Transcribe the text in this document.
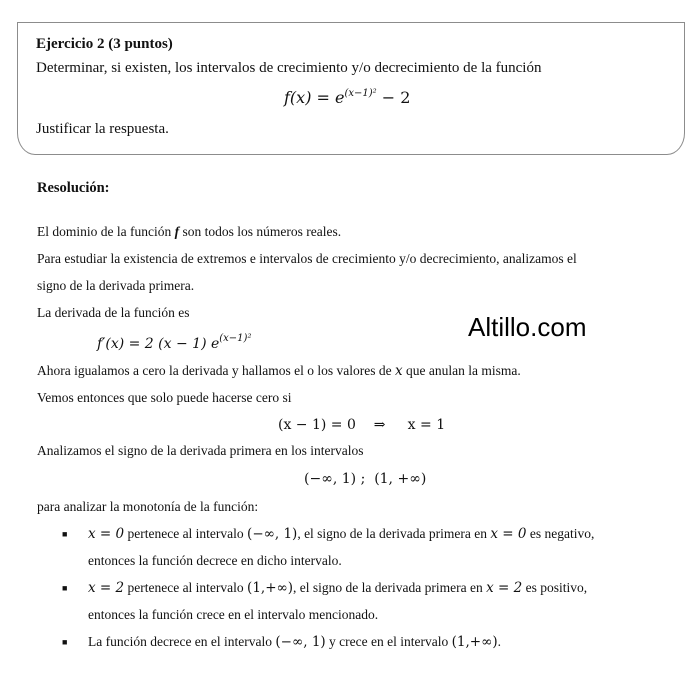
Ejercicio 2 (3 puntos)
Determinar, si existen, los intervalos de crecimiento y/o decrecimiento de la función
$f(x) = e^{(x-1)^2} - 2$
Justificar la respuesta.
Resolución:
El dominio de la función f son todos los números reales.
Para estudiar la existencia de extremos e intervalos de crecimiento y/o decrecimiento, analizamos el
signo de la derivada primera.
La derivada de la función es
f′(x) = 2 (x − 1) $e^{(x-1)^2}$	Altillo.com
Ahora igualamos a cero la derivada y hallamos el o los valores de x que anulan la misma.
Vemos entonces que solo puede hacerse cero si
(x − 1) = 0    ⇒     x = 1
Analizamos el signo de la derivada primera en los intervalos
(−∞, 1) ;  (1, +∞)
para analizar la monotonía de la función:
■ x = 0 pertenece al intervalo (−∞, 1), el signo de la derivada primera en x = 0 es negativo,
entonces la función decrece en dicho intervalo.
■ x = 2 pertenece al intervalo (1,+∞), el signo de la derivada primera en x = 2 es positivo,
entonces la función crece en el intervalo mencionado.
■ La función decrece en el intervalo (−∞, 1) y crece en el intervalo (1,+∞).
